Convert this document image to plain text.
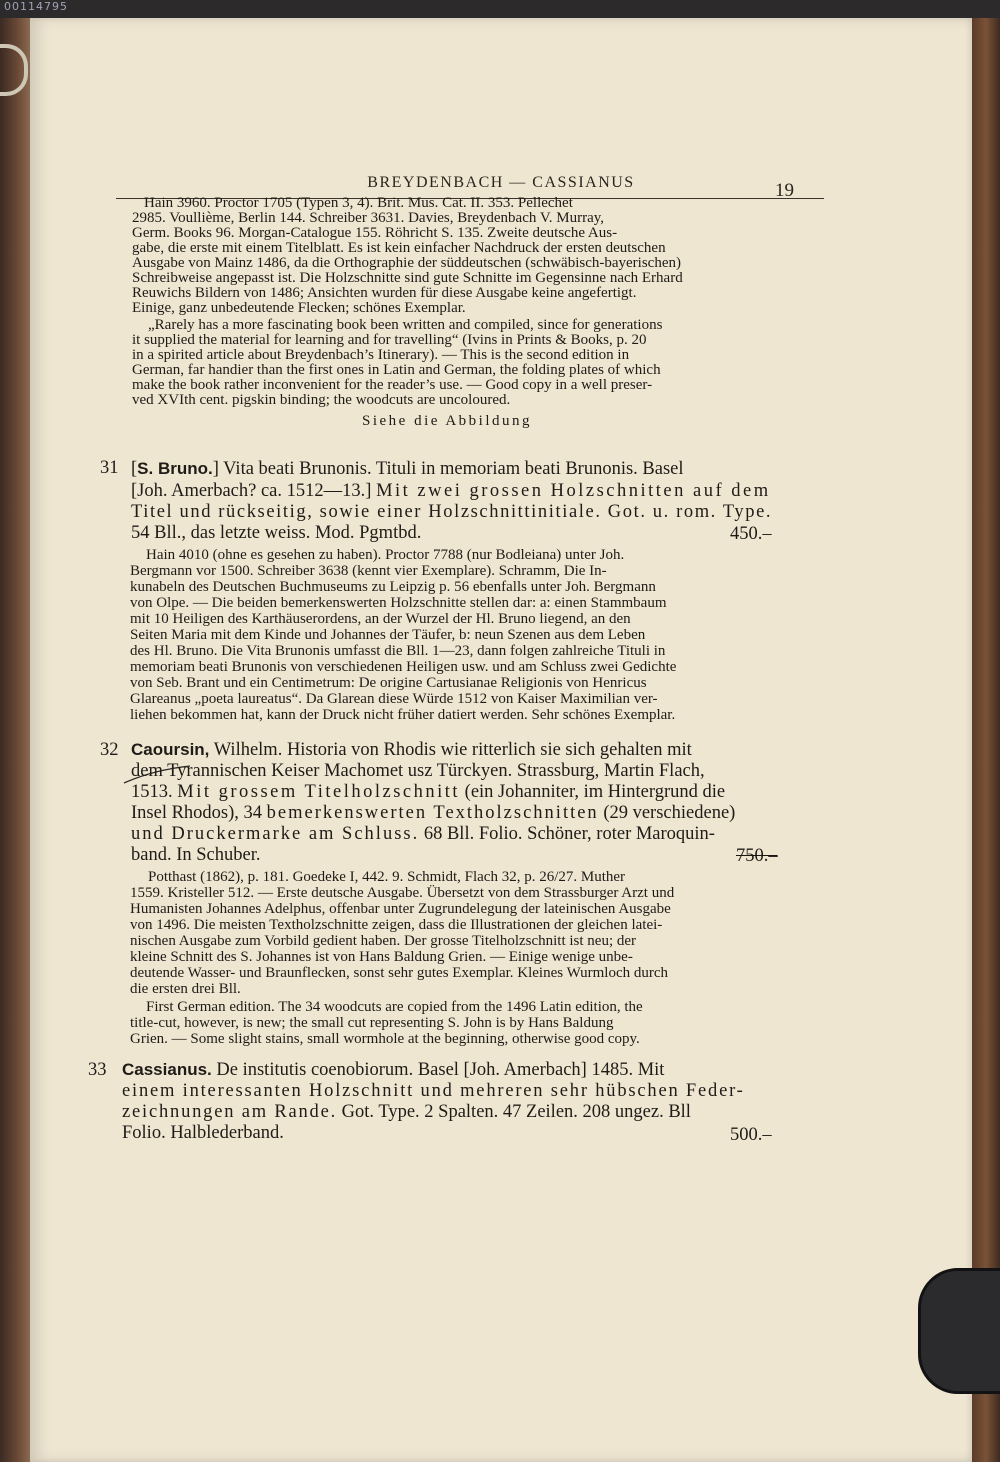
00114795
BREYDENBACH — CASSIANUS	19
Hain 3960. Proctor 1705 (Typen 3, 4). Brit. Mus. Cat. II. 353. Pellechet
2985. Voullième, Berlin 144. Schreiber 3631. Davies, Breydenbach V. Murray,
Germ. Books 96. Morgan-Catalogue 155. Röhricht S. 135. Zweite deutsche Aus-
gabe, die erste mit einem Titelblatt. Es ist kein einfacher Nachdruck der ersten deutschen
Ausgabe von Mainz 1486, da die Orthographie der süddeutschen (schwäbisch-bayerischen)
Schreibweise angepasst ist. Die Holzschnitte sind gute Schnitte im Gegensinne nach Erhard
Reuwichs Bildern von 1486; Ansichten wurden für diese Ausgabe keine angefertigt.
Einige, ganz unbedeutende Flecken; schönes Exemplar.
„Rarely has a more fascinating book been written and compiled, since for generations
it supplied the material for learning and for travelling“ (Ivins in Prints & Books, p. 20
in a spirited article about Breydenbach’s Itinerary). — This is the second edition in
German, far handier than the first ones in Latin and German, the folding plates of which
make the book rather inconvenient for the reader’s use. — Good copy in a well preser-
ved XVIth cent. pigskin binding; the woodcuts are uncoloured.
Siehe die Abbildung
31 [S. Bruno.] Vita beati Brunonis. Tituli in memoriam beati Brunonis. Basel
[Joh. Amerbach? ca. 1512—13.] Mit zwei grossen Holzschnitten auf dem
Titel und rückseitig, sowie einer Holzschnittinitiale. Got. u. rom. Type.
54 Bll., das letzte weiss. Mod. Pgmtbd.	450.–
Hain 4010 (ohne es gesehen zu haben). Proctor 7788 (nur Bodleiana) unter Joh.
Bergmann vor 1500. Schreiber 3638 (kennt vier Exemplare). Schramm, Die In-
kunabeln des Deutschen Buchmuseums zu Leipzig p. 56 ebenfalls unter Joh. Bergmann
von Olpe. — Die beiden bemerkenswerten Holzschnitte stellen dar: a: einen Stammbaum
mit 10 Heiligen des Karthäuserordens, an der Wurzel der Hl. Bruno liegend, an den
Seiten Maria mit dem Kinde und Johannes der Täufer, b: neun Szenen aus dem Leben
des Hl. Bruno. Die Vita Brunonis umfasst die Bll. 1—23, dann folgen zahlreiche Tituli in
memoriam beati Brunonis von verschiedenen Heiligen usw. und am Schluss zwei Gedichte
von Seb. Brant und ein Centimetrum: De origine Cartusianae Religionis von Henricus
Glareanus „poeta laureatus“. Da Glarean diese Würde 1512 von Kaiser Maximilian ver-
liehen bekommen hat, kann der Druck nicht früher datiert werden. Sehr schönes Exemplar.
32 Caoursin, Wilhelm. Historia von Rhodis wie ritterlich sie sich gehalten mit
dem Tyrannischen Keiser Machomet usz Türckyen. Strassburg, Martin Flach,
1513. Mit grossem Titelholzschnitt (ein Johanniter, im Hintergrund die
Insel Rhodos), 34 bemerkenswerten Textholzschnitten (29 verschiedene)
und Druckermarke am Schluss. 68 Bll. Folio. Schöner, roter Maroquin-
band. In Schuber.	750.–
Potthast (1862), p. 181. Goedeke I, 442. 9. Schmidt, Flach 32, p. 26/27. Muther
1559. Kristeller 512. — Erste deutsche Ausgabe. Übersetzt von dem Strassburger Arzt und
Humanisten Johannes Adelphus, offenbar unter Zugrundelegung der lateinischen Ausgabe
von 1496. Die meisten Textholzschnitte zeigen, dass die Illustrationen der gleichen latei-
nischen Ausgabe zum Vorbild gedient haben. Der grosse Titelholzschnitt ist neu; der
kleine Schnitt des S. Johannes ist von Hans Baldung Grien. — Einige wenige unbe-
deutende Wasser- und Braunflecken, sonst sehr gutes Exemplar. Kleines Wurmloch durch
die ersten drei Bll.
First German edition. The 34 woodcuts are copied from the 1496 Latin edition, the
title-cut, however, is new; the small cut representing S. John is by Hans Baldung
Grien. — Some slight stains, small wormhole at the beginning, otherwise good copy.
33 Cassianus. De institutis coenobiorum. Basel [Joh. Amerbach] 1485. Mit
einem interessanten Holzschnitt und mehreren sehr hübschen Feder-
zeichnungen am Rande. Got. Type. 2 Spalten. 47 Zeilen. 208 ungez. Bll
Folio. Halblederband.	500.–
